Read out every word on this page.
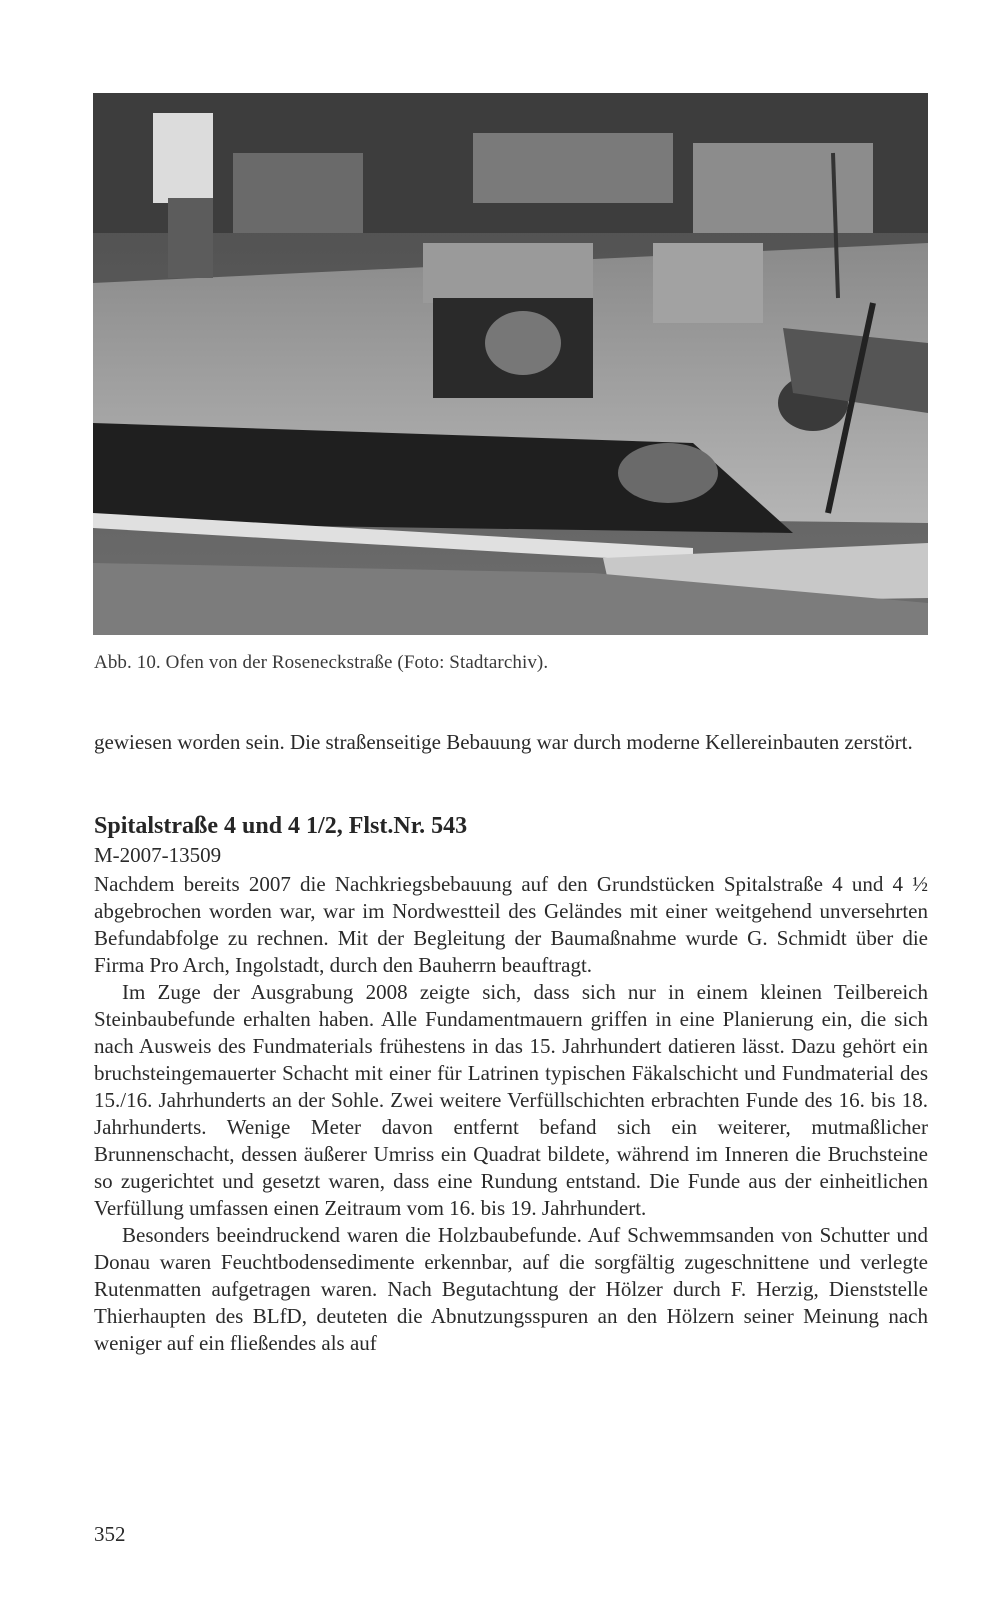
Abb. 10. Ofen von der Roseneckstraße (Foto: Stadtarchiv).

gewiesen worden sein. Die straßenseitige Bebauung war durch moderne Kellereinbauten zerstört.

Spitalstraße 4 und 4 1/2, Flst.Nr. 543
M-2007-13509

Nachdem bereits 2007 die Nachkriegsbebauung auf den Grundstücken Spitalstraße 4 und 4 ½ abgebrochen worden war, war im Nordwestteil des Geländes mit einer weitgehend unversehrten Befundabfolge zu rechnen. Mit der Begleitung der Baumaßnahme wurde G. Schmidt über die Firma Pro Arch, Ingolstadt, durch den Bauherrn beauftragt.

Im Zuge der Ausgrabung 2008 zeigte sich, dass sich nur in einem kleinen Teilbereich Steinbaubefunde erhalten haben. Alle Fundamentmauern griffen in eine Planierung ein, die sich nach Ausweis des Fundmaterials frühestens in das 15. Jahrhundert datieren lässt. Dazu gehört ein bruchsteingemauerter Schacht mit einer für Latrinen typischen Fäkalschicht und Fundmaterial des 15./16. Jahrhunderts an der Sohle. Zwei weitere Verfüllschichten erbrachten Funde des 16. bis 18. Jahrhunderts. Wenige Meter davon entfernt befand sich ein weiterer, mutmaßlicher Brunnenschacht, dessen äußerer Umriss ein Quadrat bildete, während im Inneren die Bruchsteine so zugerichtet und gesetzt waren, dass eine Rundung entstand. Die Funde aus der einheitlichen Verfüllung umfassen einen Zeitraum vom 16. bis 19. Jahrhundert.

Besonders beeindruckend waren die Holzbaubefunde. Auf Schwemmsanden von Schutter und Donau waren Feuchtbodensedimente erkennbar, auf die sorgfältig zugeschnittene und verlegte Rutenmatten aufgetragen waren. Nach Begutachtung der Hölzer durch F. Herzig, Dienststelle Thierhaupten des BLfD, deuteten die Abnutzungsspuren an den Hölzern seiner Meinung nach weniger auf ein fließendes als auf

352
